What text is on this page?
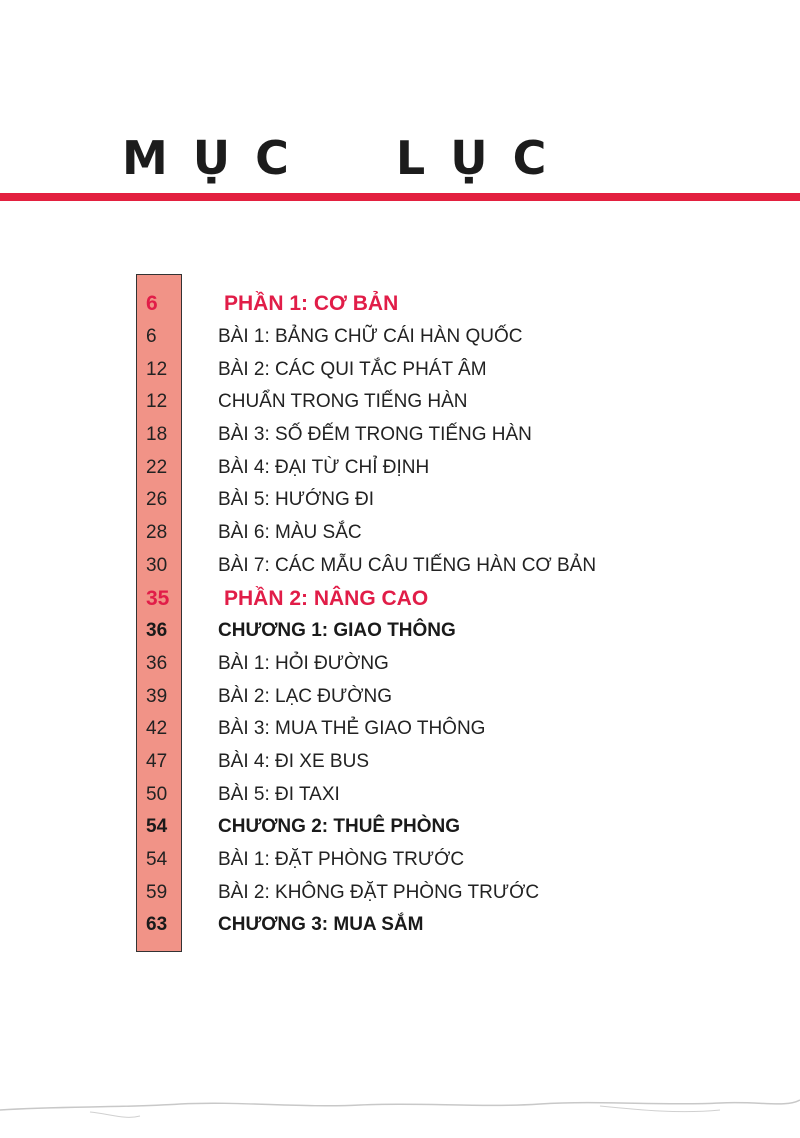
MỤC  LỤC
6	PHẦN 1: CƠ BẢN
6	BÀI 1: BẢNG CHỮ CÁI HÀN QUỐC
12	BÀI 2: CÁC QUI TẮC PHÁT ÂM
12	CHUẨN TRONG TIẾNG HÀN
18	BÀI 3: SỐ ĐẾM TRONG TIẾNG HÀN
22	BÀI 4: ĐẠI TỪ CHỈ ĐỊNH
26	BÀI 5: HƯỚNG ĐI
28	BÀI 6: MÀU SẮC
30	BÀI 7: CÁC MẪU CÂU TIẾNG HÀN CƠ BẢN
35	PHẦN 2: NÂNG CAO
36	CHƯƠNG 1: GIAO THÔNG
36	BÀI 1: HỎI ĐƯỜNG
39	BÀI 2: LẠC ĐƯỜNG
42	BÀI 3: MUA THẺ GIAO THÔNG
47	BÀI 4: ĐI XE BUS
50	BÀI 5: ĐI TAXI
54	CHƯƠNG 2: THUÊ PHÒNG
54	BÀI 1: ĐẶT PHÒNG TRƯỚC
59	BÀI 2: KHÔNG ĐẶT PHÒNG TRƯỚC
63	CHƯƠNG 3: MUA SẮM
